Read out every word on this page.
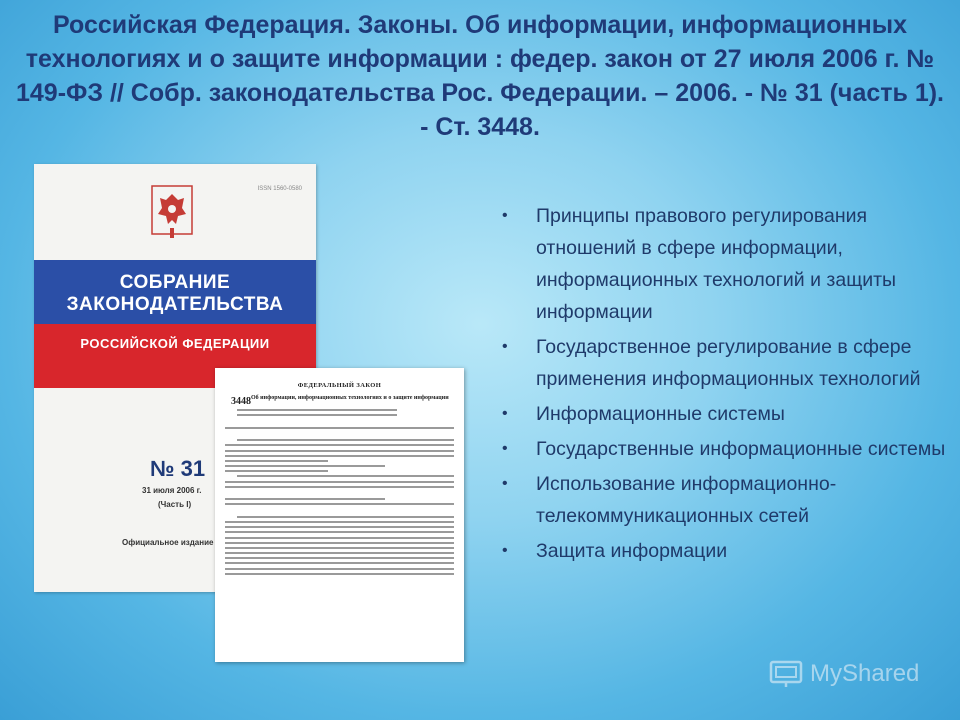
Российская Федерация. Законы. Об информации, информационных технологиях и о защите информации : федер. закон от 27 июля 2006 г. № 149-ФЗ // Собр. законодательства Рос. Федерации. – 2006. - № 31 (часть 1). - Ст. 3448.
ISSN 1560-0580
СОБРАНИЕ
ЗАКОНОДАТЕЛЬСТВА
РОССИЙСКОЙ ФЕДЕРАЦИИ
№ 31
31 июля 2006 г.
(Часть I)
Официальное издание
ФЕДЕРАЛЬНЫЙ ЗАКОН
3448 Об информации, информационных технологиях и о защите информации
• Принципы правового регулирования отношений в сфере информации, информационных технологий и защиты информации
• Государственное регулирование в сфере применения информационных технологий
• Информационные системы
• Государственные информационные системы
• Использование информационно-телекоммуникационных сетей
• Защита информации
MyShared
